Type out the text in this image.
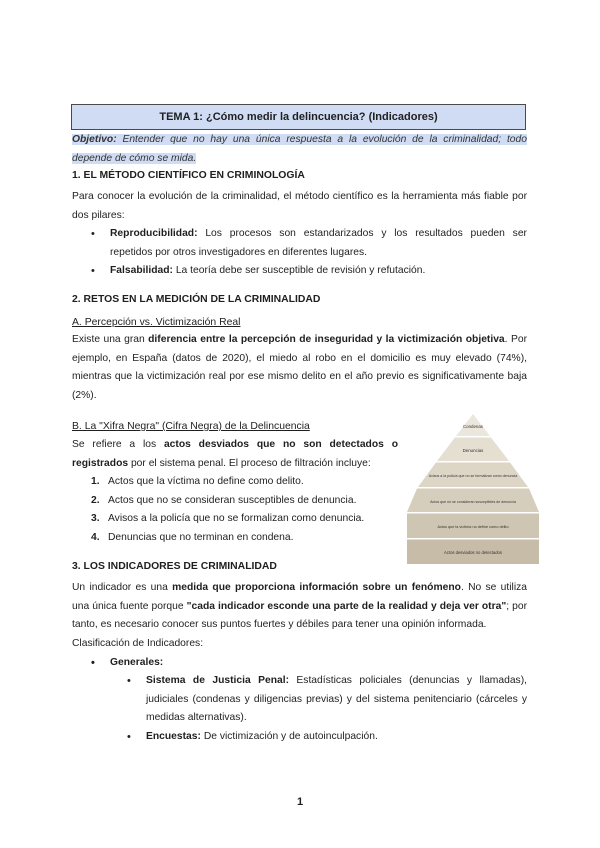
TEMA 1: ¿Cómo medir la delincuencia? (Indicadores)
Objetivo: Entender que no hay una única respuesta a la evolución de la criminalidad; todo depende de cómo se mida.
1. EL MÉTODO CIENTÍFICO EN CRIMINOLOGÍA
Para conocer la evolución de la criminalidad, el método científico es la herramienta más fiable por dos pilares:
• Reproducibilidad: Los procesos son estandarizados y los resultados pueden ser repetidos por otros investigadores en diferentes lugares.
• Falsabilidad: La teoría debe ser susceptible de revisión y refutación.
2. RETOS EN LA MEDICIÓN DE LA CRIMINALIDAD
A. Percepción vs. Victimización Real
Existe una gran diferencia entre la percepción de inseguridad y la victimización objetiva. Por ejemplo, en España (datos de 2020), el miedo al robo en el domicilio es muy elevado (74%), mientras que la victimización real por ese mismo delito en el año previo es significativamente baja (2%).
B. La "Xifra Negra" (Cifra Negra) de la Delincuencia
Se refiere a los actos desviados que no son detectados o registrados por el sistema penal. El proceso de filtración incluye:
1. Actos que la víctima no define como delito.
2. Actos que no se consideran susceptibles de denuncia.
3. Avisos a la policía que no se formalizan como denuncia.
4. Denuncias que no terminan en condena.
Condenas
Denuncias
Avisos a la policía que no se formalizan como denuncia
Actos que no se consideran susceptibles de denuncia
Actos que la víctima no define como delito
Actos desviados no detectados
3. LOS INDICADORES DE CRIMINALIDAD
Un indicador es una medida que proporciona información sobre un fenómeno. No se utiliza una única fuente porque "cada indicador esconde una parte de la realidad y deja ver otra"; por tanto, es necesario conocer sus puntos fuertes y débiles para tener una opinión informada.
Clasificación de Indicadores:
• Generales:
• Sistema de Justicia Penal: Estadísticas policiales (denuncias y llamadas), judiciales (condenas y diligencias previas) y del sistema penitenciario (cárceles y medidas alternativas).
• Encuestas: De victimización y de autoinculpación.
1
